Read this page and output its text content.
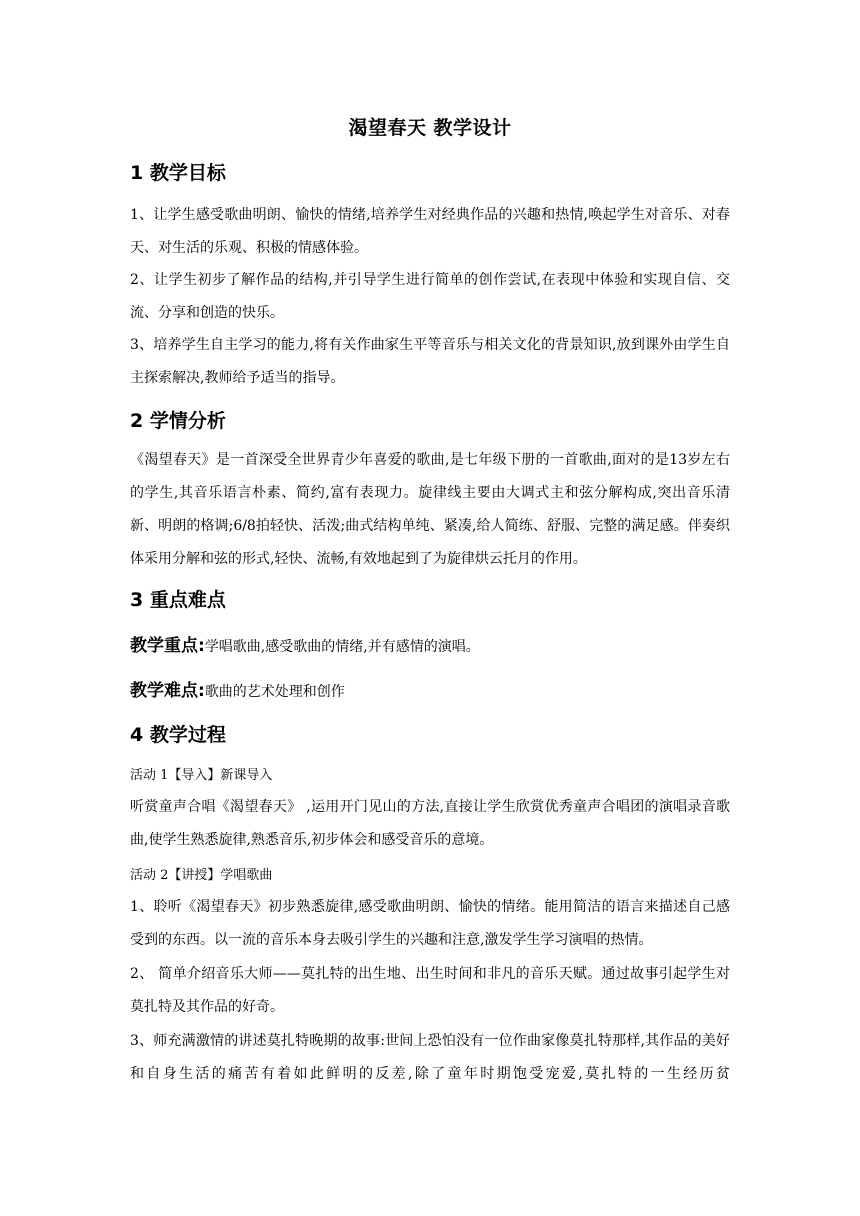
渴望春天 教学设计
1 教学目标
1、让学生感受歌曲明朗、愉快的情绪,培养学生对经典作品的兴趣和热情,唤起学生对音乐、对春天、对生活的乐观、积极的情感体验。
2、让学生初步了解作品的结构,并引导学生进行简单的创作尝试,在表现中体验和实现自信、交流、分享和创造的快乐。
3、培养学生自主学习的能力,将有关作曲家生平等音乐与相关文化的背景知识,放到课外由学生自主探索解决,教师给予适当的指导。
2 学情分析
《渴望春天》是一首深受全世界青少年喜爱的歌曲,是七年级下册的一首歌曲,面对的是13岁左右的学生,其音乐语言朴素、简约,富有表现力。旋律线主要由大调式主和弦分解构成,突出音乐清新、明朗的格调;6/8拍轻快、活泼;曲式结构单纯、紧凑,给人简练、舒服、完整的满足感。伴奏织体采用分解和弦的形式,轻快、流畅,有效地起到了为旋律烘云托月的作用。
3 重点难点
教学重点:学唱歌曲,感受歌曲的情绪,并有感情的演唱。
教学难点:歌曲的艺术处理和创作
4 教学过程
活动 1【导入】新课导入
听赏童声合唱《渴望春天》 ,运用开门见山的方法,直接让学生欣赏优秀童声合唱团的演唱录音歌曲,使学生熟悉旋律,熟悉音乐,初步体会和感受音乐的意境。
活动 2【讲授】学唱歌曲
1、聆听《渴望春天》初步熟悉旋律,感受歌曲明朗、愉快的情绪。能用简洁的语言来描述自己感受到的东西。以一流的音乐本身去吸引学生的兴趣和注意,激发学生学习演唱的热情。
2、 简单介绍音乐大师——莫扎特的出生地、出生时间和非凡的音乐天赋。通过故事引起学生对莫扎特及其作品的好奇。
3、师充满激情的讲述莫扎特晚期的故事:世间上恐怕没有一位作曲家像莫扎特那样,其作品的美好和自身生活的痛苦有着如此鲜明的反差,除了童年时期饱受宠爱,莫扎特的一生经历贫
